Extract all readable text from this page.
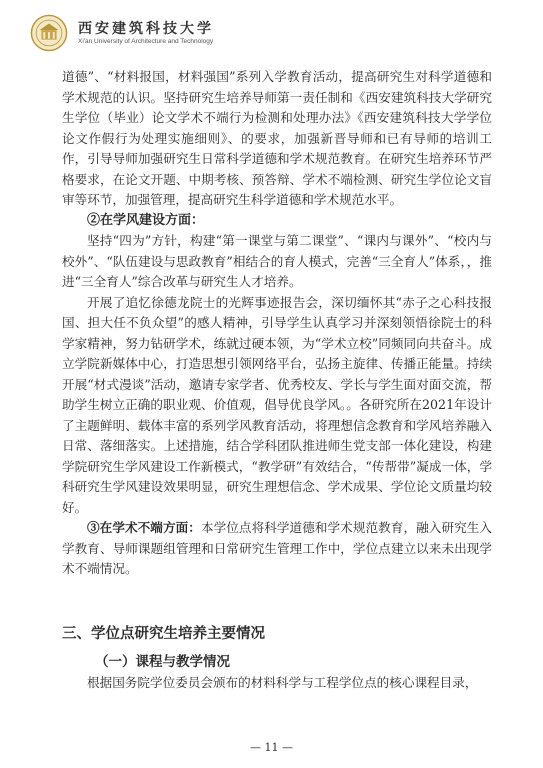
西安建筑科技大学
Xi'an University of Architecture and Technology

道德”、“材料报国，材料强国”系列入学教育活动，提高研究生对科学道德和学术规范的认识。坚持研究生培养导师第一责任制和《西安建筑科技大学研究生学位（毕业）论文学术不端行为检测和处理办法》《西安建筑科技大学学位论文作假行为处理实施细则》、的要求，加强新晋导师和已有导师的培训工作，引导导师加强研究生日常科学道德和学术规范教育。在研究生培养环节严格要求，在论文开题、中期考核、预答辩、学术不端检测、研究生学位论文盲审等环节，加强管理，提高研究生科学道德和学术规范水平。

②在学风建设方面：

坚持“四为”方针，构建“第一课堂与第二课堂”、“课内与课外”、“校内与校外”、“队伍建设与思政教育”相结合的育人模式，完善“三全育人”体系，，推进“三全育人”综合改革与研究生人才培养。

开展了追忆徐德龙院士的光辉事迹报告会，深切缅怀其“赤子之心科技报国、担大任不负众望”的感人精神，引导学生认真学习并深刻领悟徐院士的科学家精神，努力钻研学术，练就过硬本领，为“学术立校”同频同向共奋斗。成立学院新媒体中心，打造思想引领网络平台，弘扬主旋律、传播正能量。持续开展“材式漫谈”活动，邀请专家学者、优秀校友、学长与学生面对面交流，帮助学生树立正确的职业观、价值观，倡导优良学风。。各研究所在2021年设计了主题鲜明、载体丰富的系列学风教育活动，将理想信念教育和学风培养融入日常、落细落实。上述措施，结合学科团队推进师生党支部一体化建设，构建学院研究生学风建设工作新模式，“教学研”有效结合，“传帮带”凝成一体，学科研究生学风建设效果明显，研究生理想信念、学术成果、学位论文质量均较好。

③在学术不端方面：本学位点将科学道德和学术规范教育，融入研究生入学教育、导师课题组管理和日常研究生管理工作中，学位点建立以来未出现学术不端情况。

三、学位点研究生培养主要情况
（一）课程与教学情况

根据国务院学位委员会颁布的材料科学与工程学位点的核心课程目录，

— 11 —
